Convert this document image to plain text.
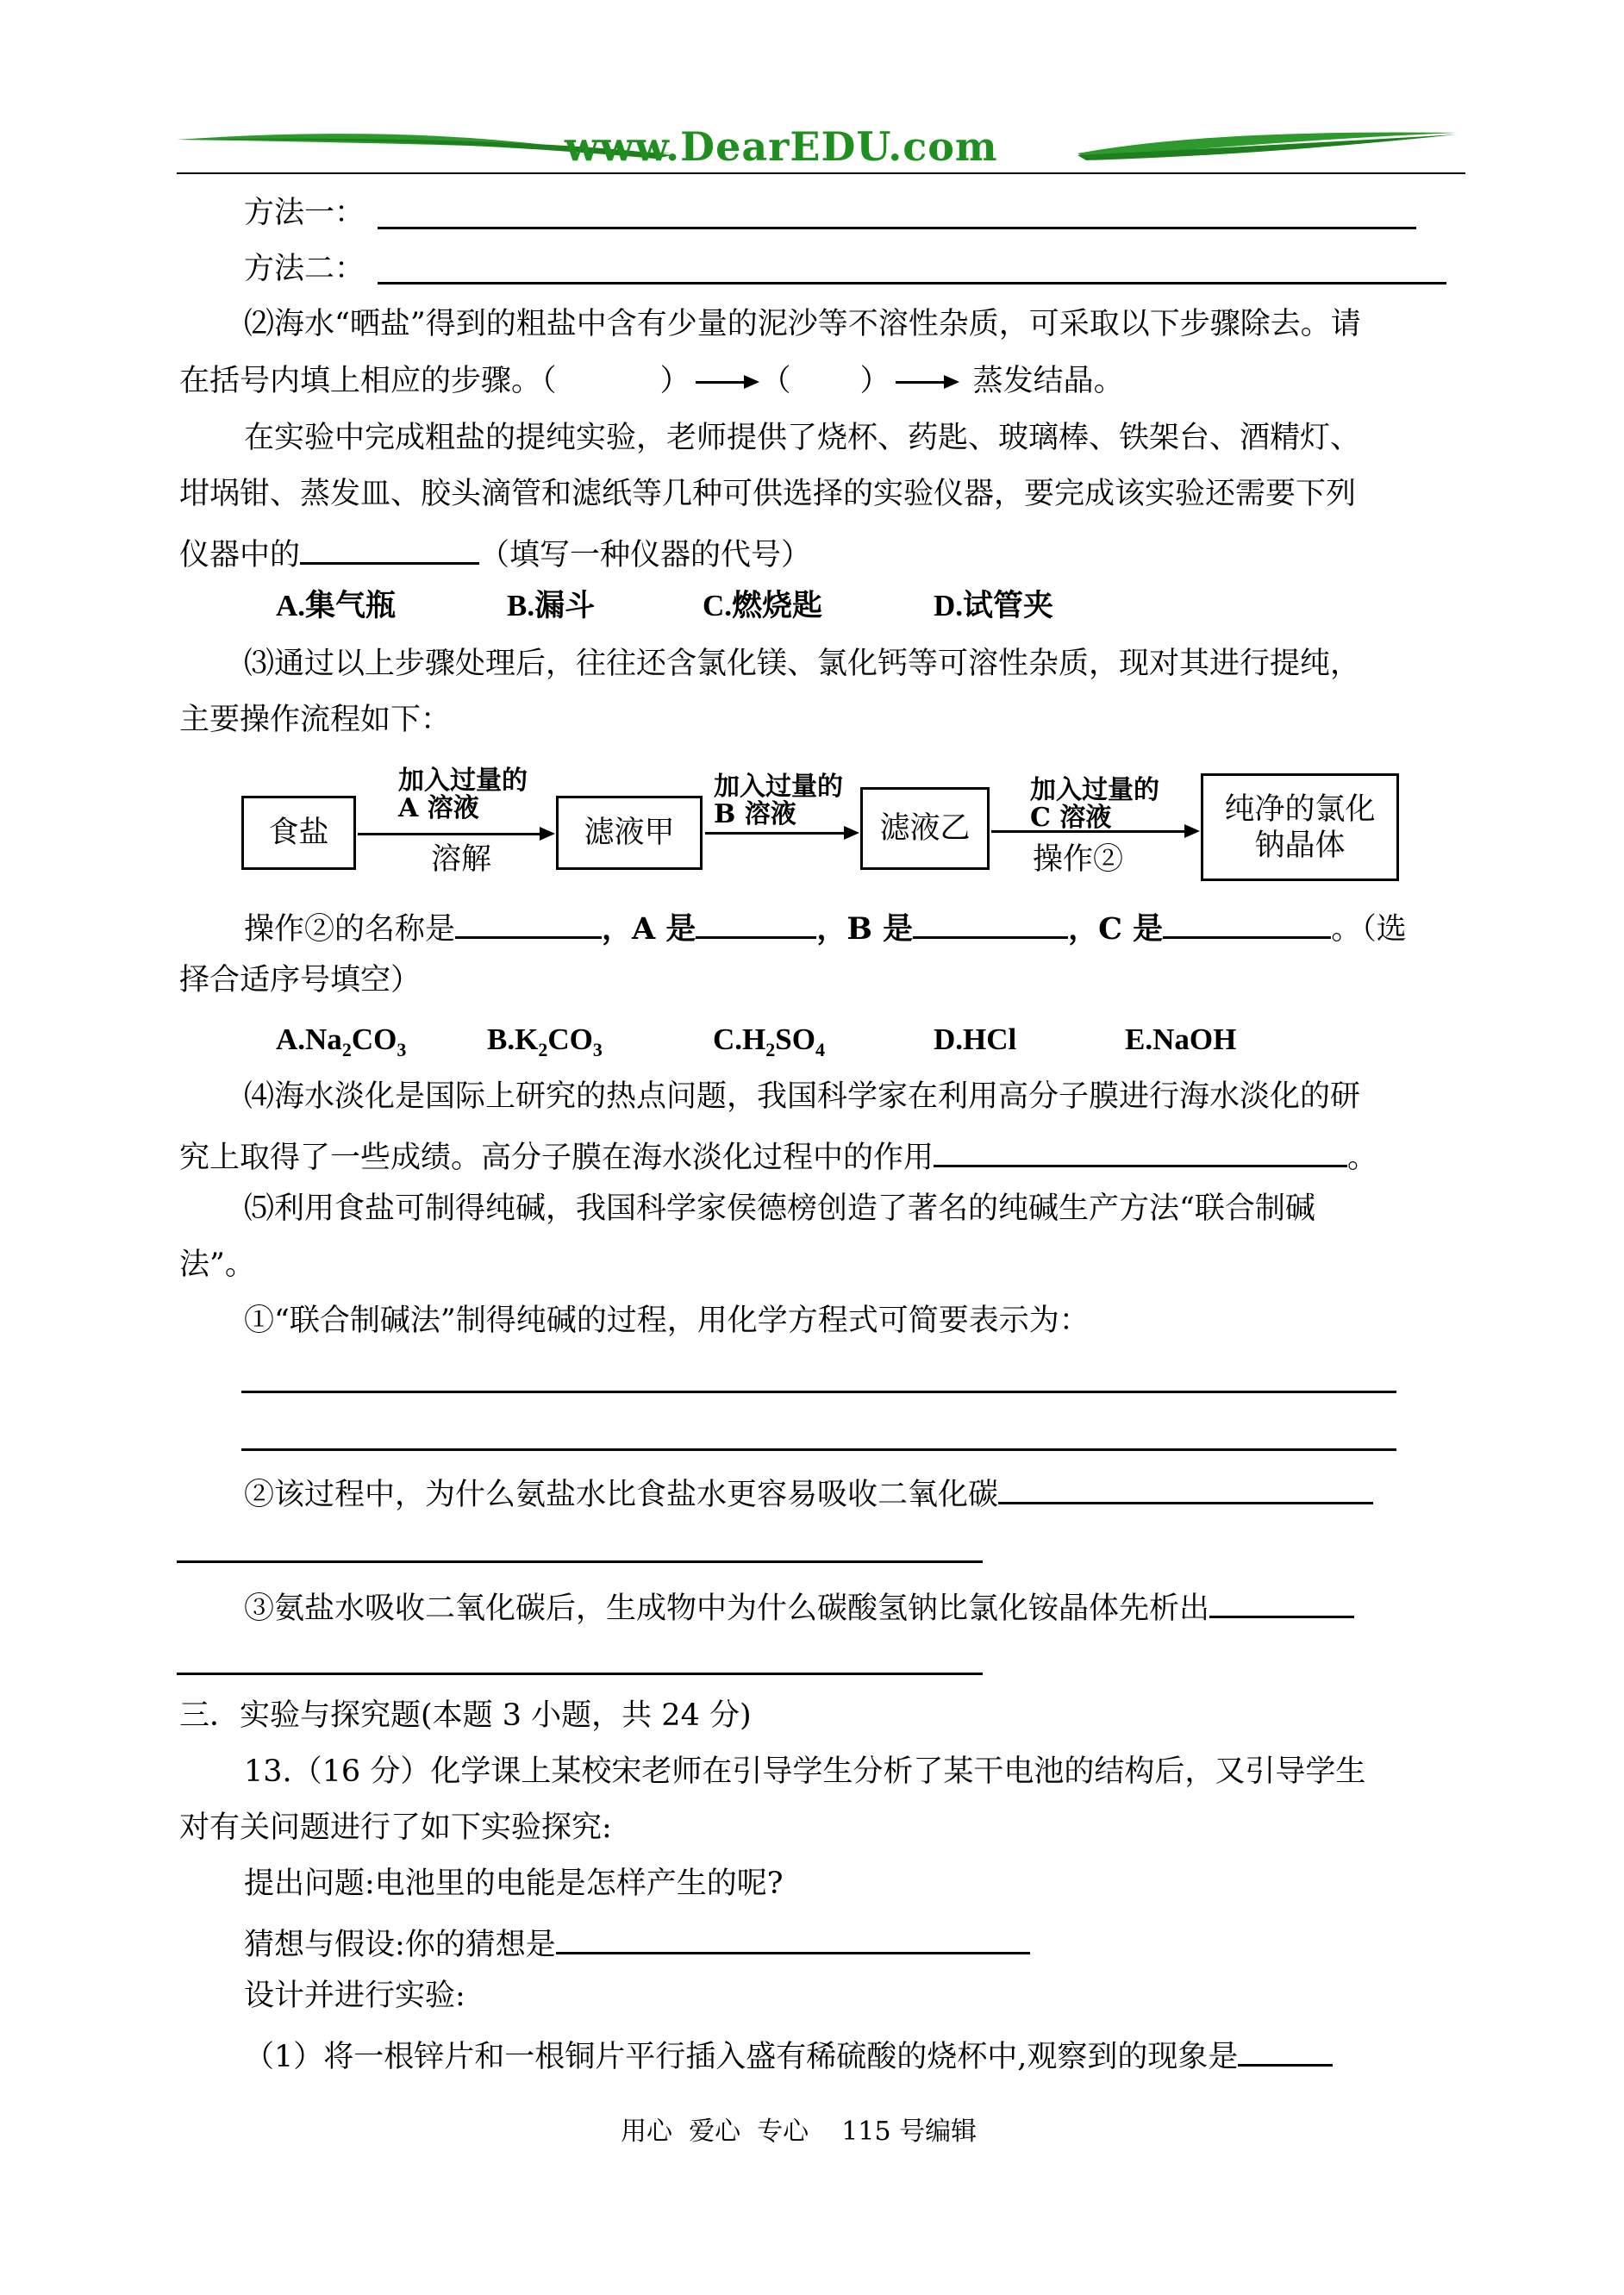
www.DearEDU.com
方法一：
方法二：
⑵海水“晒盐”得到的粗盐中含有少量的泥沙等不溶性杂质，可采取以下步骤除去。请
在括号内填上相应的步骤。（	） （ ）	蒸发结晶。
在实验中完成粗盐的提纯实验，老师提供了烧杯、药匙、玻璃棒、铁架台、酒精灯、
坩埚钳、蒸发皿、胶头滴管和滤纸等几种可供选择的实验仪器，要完成该实验还需要下列
仪器中的	（填写一种仪器的代号）
A.集气瓶	B.漏斗	C.燃烧匙	D.试管夹
⑶通过以上步骤处理后，往往还含氯化镁、氯化钙等可溶性杂质，现对其进行提纯，
主要操作流程如下：
食盐	滤液甲	滤液乙
纯净的氯化钠晶体
加入过量的 A 溶液
溶解
加入过量的 B 溶液
加入过量的 C 溶液
操作②
操作②的名称是	，A 是	，B 是	，C 是	。（选
择合适序号填空）
$A.Na_2CO_3$	$B.K_2CO_3$	$C.H_2SO_4$	D.HCl	E.NaOH
⑷海水淡化是国际上研究的热点问题，我国科学家在利用高分子膜进行海水淡化的研
究上取得了一些成绩。高分子膜在海水淡化过程中的作用	。
⑸利用食盐可制得纯碱，我国科学家侯德榜创造了著名的纯碱生产方法“联合制碱
法”。
①“联合制碱法”制得纯碱的过程，用化学方程式可简要表示为：
②该过程中，为什么氨盐水比食盐水更容易吸收二氧化碳
③氨盐水吸收二氧化碳后，生成物中为什么碳酸氢钠比氯化铵晶体先析出
三．实验与探究题(本题 3 小题，共 24 分)
13.（16 分）化学课上某校宋老师在引导学生分析了某干电池的结构后，又引导学生
对有关问题进行了如下实验探究:
提出问题:电池里的电能是怎样产生的呢?
猜想与假设:你的猜想是
设计并进行实验:
（1）将一根锌片和一根铜片平行插入盛有稀硫酸的烧杯中,观察到的现象是
用心  爱心  专心    115 号编辑
